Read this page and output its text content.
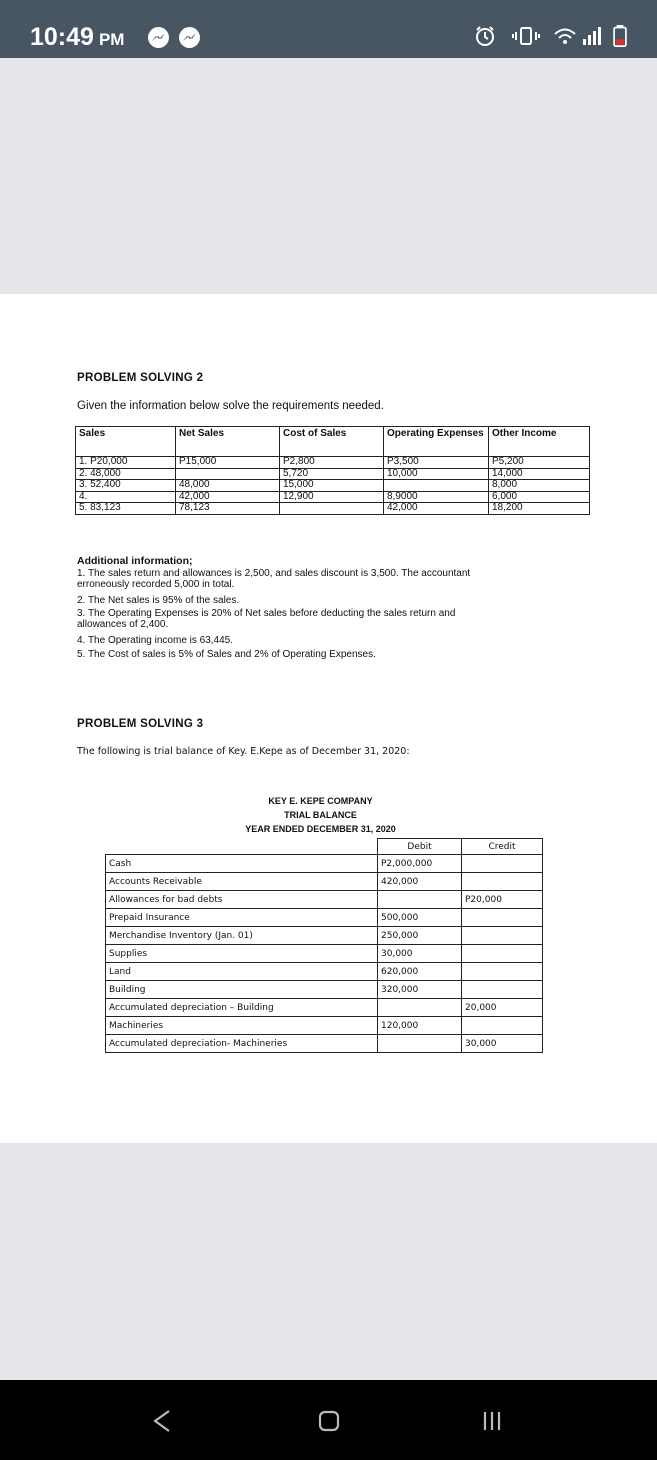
10:49 PM
PROBLEM SOLVING 2
Given the information below solve the requirements needed.
Sales	Net Sales	Cost of Sales	Operating Expenses	Other Income
1. P20,000	P15,000	P2,800	P3,500	P5,200
2. 48,000		5,720	10,000	14,000
3. 52,400	48,000	15,000		8,000
4.	42,000	12,900	8,9000	6,000
5. 83,123	78,123		42,000	18,200
Additional information;
1. The sales return and allowances is 2,500, and sales discount is 3,500. The accountant
erroneously recorded 5,000 in total.
2. The Net sales is 95% of the sales.
3. The Operating Expenses is 20% of Net sales before deducting the sales return and
allowances of 2,400.
4. The Operating income is 63,445.
5. The Cost of sales is 5% of Sales and 2% of Operating Expenses.
PROBLEM SOLVING 3
The following is trial balance of Key. E.Kepe as of December 31, 2020:
KEY E. KEPE COMPANY
TRIAL BALANCE
YEAR ENDED DECEMBER 31, 2020
	Debit	Credit
Cash	P2,000,000	
Accounts Receivable	420,000	
Allowances for bad debts		P20,000
Prepaid Insurance	500,000	
Merchandise Inventory (Jan. 01)	250,000	
Supplies	30,000	
Land	620,000	
Building	320,000	
Accumulated depreciation – Building		20,000
Machineries	120,000	
Accumulated depreciation- Machineries		30,000
